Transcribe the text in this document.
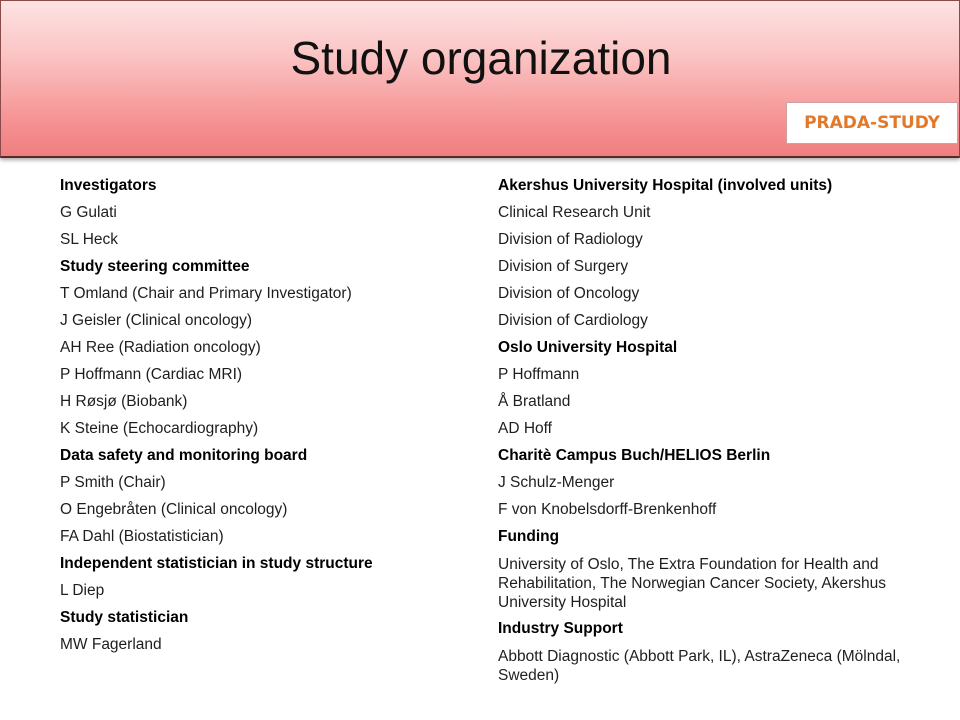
Study organization
PRADA-STUDY
Investigators
G Gulati
SL Heck
Study steering committee
T Omland (Chair and Primary Investigator)
J Geisler (Clinical oncology)
AH Ree (Radiation oncology)
P Hoffmann (Cardiac MRI)
H Røsjø (Biobank)
K Steine (Echocardiography)
Data safety and monitoring board
P Smith (Chair)
O Engebråten (Clinical oncology)
FA Dahl (Biostatistician)
Independent statistician in study structure
L Diep
Study statistician
MW Fagerland
Akershus University Hospital (involved units)
Clinical Research Unit
Division of Radiology
Division of Surgery
Division of Oncology
Division of Cardiology
Oslo University Hospital
P Hoffmann
Å Bratland
AD Hoff
Charitè Campus Buch/HELIOS Berlin
J Schulz-Menger
F von Knobelsdorff-Brenkenhoff
Funding
University of Oslo, The Extra Foundation for Health and Rehabilitation, The Norwegian Cancer Society, Akershus University Hospital
Industry Support
Abbott Diagnostic (Abbott Park, IL), AstraZeneca (Mölndal, Sweden)
